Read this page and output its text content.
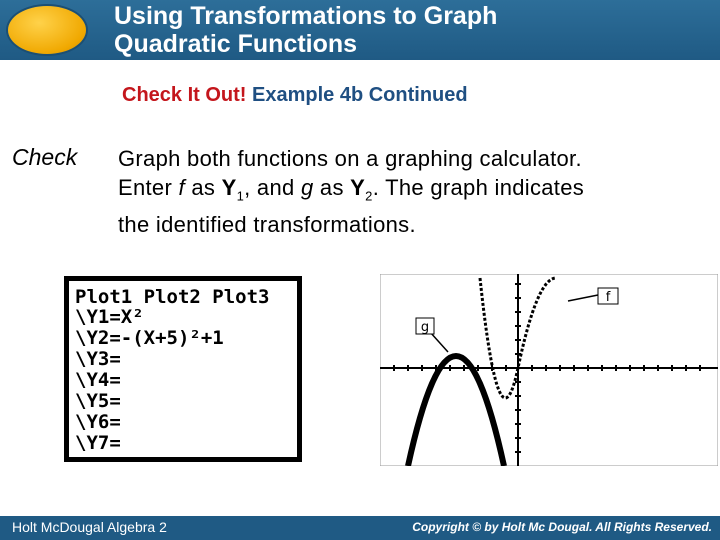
Using Transformations to Graph
Quadratic Functions

Check It Out! Example 4b Continued

Check Graph both functions on a graphing calculator.
Enter f as $Y_1$, and g as $Y_2$. The graph indicates
the identified transformations.
Plot1 Plot2 Plot3
\Y1=X²
\Y2=-(X+5)²+1
\Y3=
\Y4=
\Y5=
\Y6=
\Y7=
f
g
Holt McDougal Algebra 2	Copyright © by Holt Mc Dougal. All Rights Reserved.
